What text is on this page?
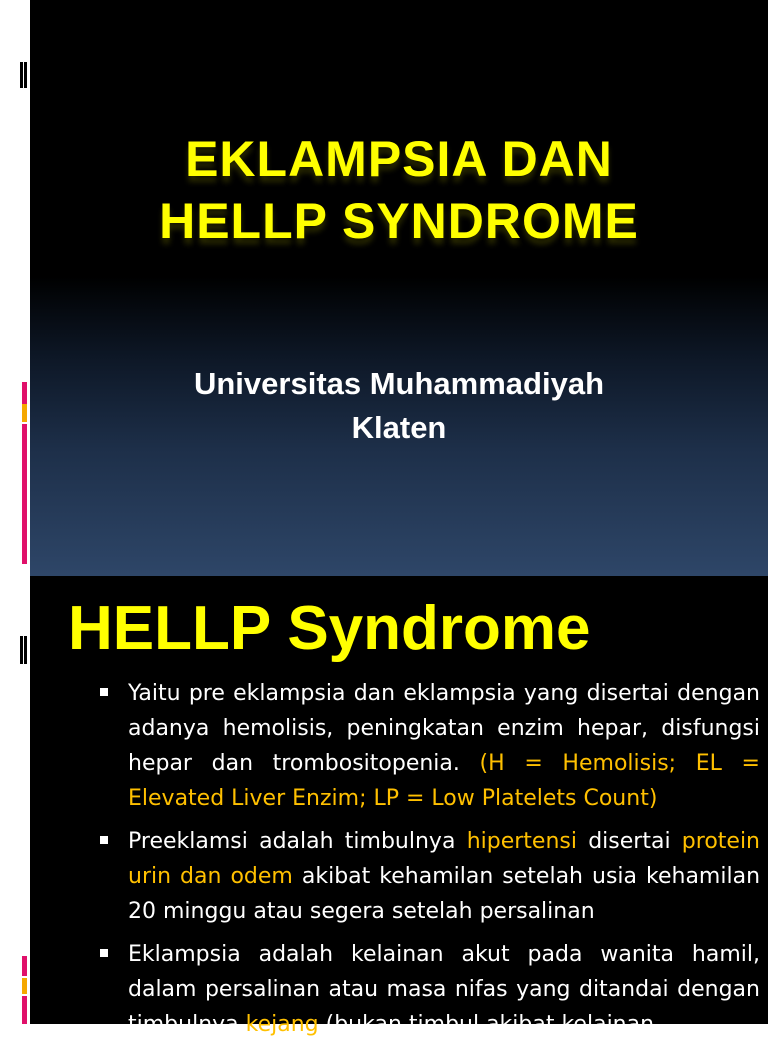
EKLAMPSIA DAN
HELLP SYNDROME
Universitas Muhammadiyah
Klaten
HELLP Syndrome
Yaitu pre eklampsia dan eklampsia yang disertai dengan adanya hemolisis, peningkatan enzim hepar, disfungsi hepar dan trombositopenia. (H = Hemolisis; EL = Elevated Liver Enzim; LP = Low Platelets Count)
Preeklamsi adalah timbulnya hipertensi disertai protein urin dan odem akibat kehamilan setelah usia kehamilan 20 minggu atau segera setelah persalinan
Eklampsia adalah kelainan akut pada wanita hamil, dalam persalinan atau masa nifas yang ditandai dengan timbulnya kejang (bukan timbul akibat kelainan
